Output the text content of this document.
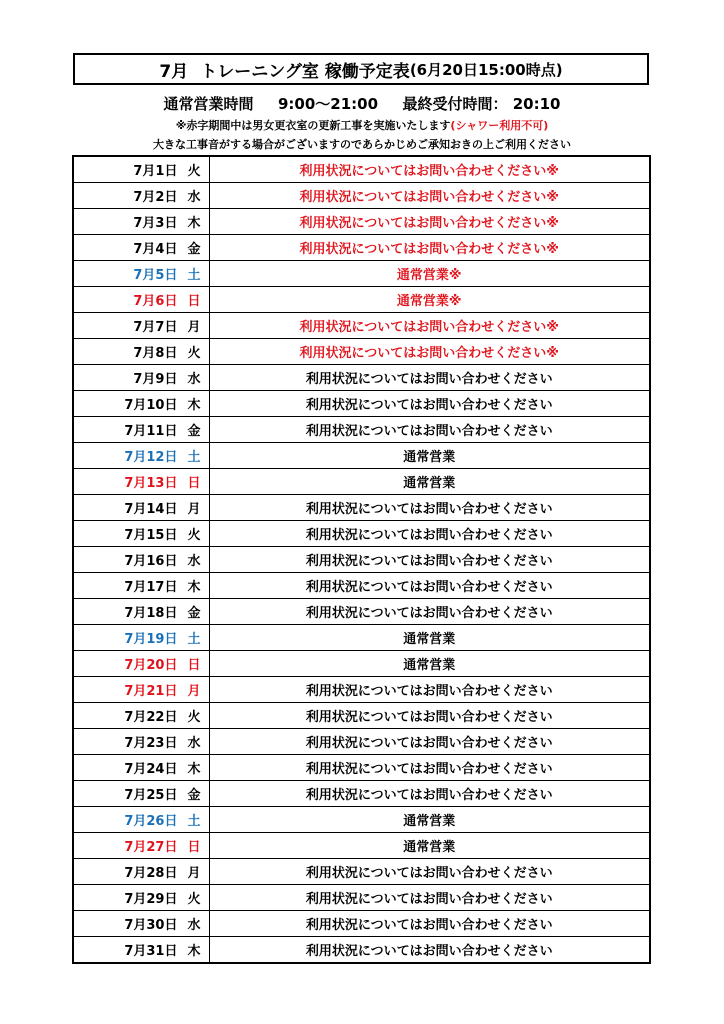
7月 トレーニング室 稼働予定表 (6月20日15:00時点)
通常営業時間 9:00～21:00 最終受付時間： 20:10
※赤字期間中は男女更衣室の更新工事を実施いたします(シャワー利用不可)
大きな工事音がする場合がございますのであらかじめご承知おきの上ご利用ください
7月1日 火	利用状況についてはお問い合わせください※
7月2日 水	利用状況についてはお問い合わせください※
7月3日 木	利用状況についてはお問い合わせください※
7月4日 金	利用状況についてはお問い合わせください※
7月5日 土	通常営業※
7月6日 日	通常営業※
7月7日 月	利用状況についてはお問い合わせください※
7月8日 火	利用状況についてはお問い合わせください※
7月9日 水	利用状況についてはお問い合わせください
7月10日 木	利用状況についてはお問い合わせください
7月11日 金	利用状況についてはお問い合わせください
7月12日 土	通常営業
7月13日 日	通常営業
7月14日 月	利用状況についてはお問い合わせください
7月15日 火	利用状況についてはお問い合わせください
7月16日 水	利用状況についてはお問い合わせください
7月17日 木	利用状況についてはお問い合わせください
7月18日 金	利用状況についてはお問い合わせください
7月19日 土	通常営業
7月20日 日	通常営業
7月21日 月	利用状況についてはお問い合わせください
7月22日 火	利用状況についてはお問い合わせください
7月23日 水	利用状況についてはお問い合わせください
7月24日 木	利用状況についてはお問い合わせください
7月25日 金	利用状況についてはお問い合わせください
7月26日 土	通常営業
7月27日 日	通常営業
7月28日 月	利用状況についてはお問い合わせください
7月29日 火	利用状況についてはお問い合わせください
7月30日 水	利用状況についてはお問い合わせください
7月31日 木	利用状況についてはお問い合わせください
